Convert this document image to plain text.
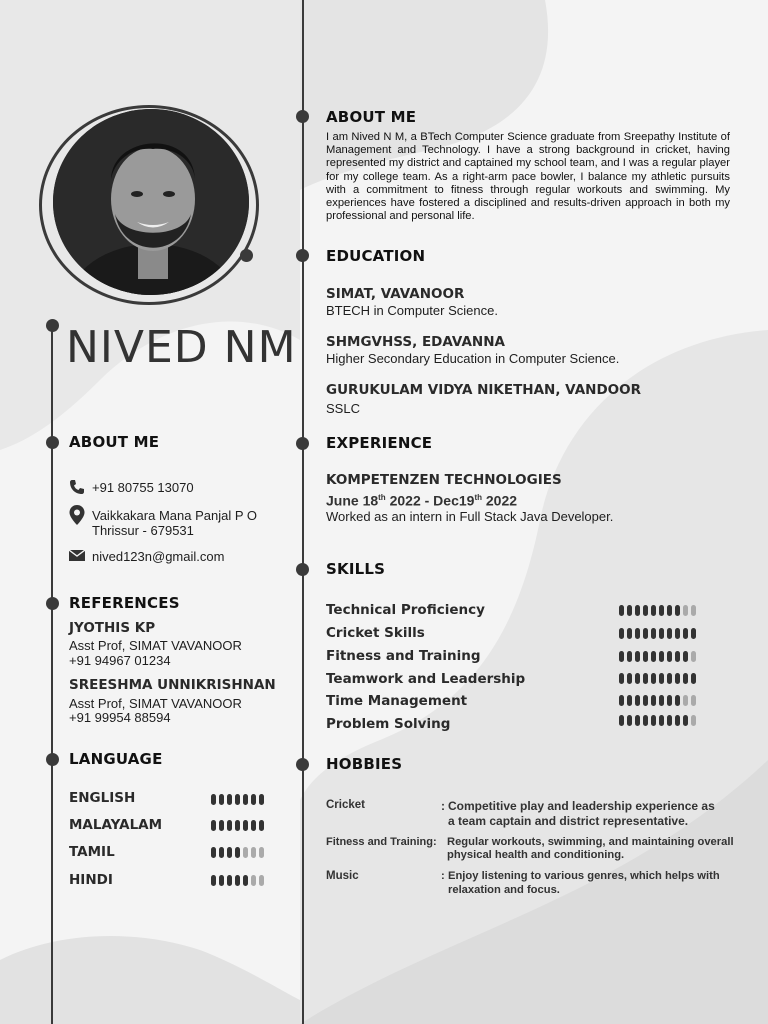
NIVED NM
ABOUT ME
+91 80755 13070
Vaikkakara Mana Panjal P O
Thrissur - 679531
nived123n@gmail.com
REFERENCES
JYOTHIS KP
Asst Prof, SIMAT VAVANOOR
+91 94967 01234
SREESHMA UNNIKRISHNAN
Asst Prof, SIMAT VAVANOOR
+91 99954 88594
LANGUAGE
ENGLISH
MALAYALAM
TAMIL
HINDI
ABOUT ME
I am Nived N M, a BTech Computer Science graduate from Sreepathy Institute of Management and Technology. I have a strong background in cricket, having represented my district and captained my school team, and I was a regular player for my college team. As a right-arm pace bowler, I balance my athletic pursuits with a commitment to fitness through regular workouts and swimming. My experiences have fostered a disciplined and results-driven approach in both my professional and personal life.
EDUCATION
SIMAT, VAVANOOR
BTECH in Computer Science.
SHMGVHSS, EDAVANNA
Higher Secondary Education in Computer Science.
GURUKULAM VIDYA NIKETHAN, VANDOOR
SSLC
EXPERIENCE
KOMPETENZEN TECHNOLOGIES
June 18th 2022 - Dec19th 2022
Worked as an intern in Full Stack Java Developer.
SKILLS
Technical Proficiency
Cricket Skills
Fitness and Training
Teamwork and Leadership
Time Management
Problem Solving
HOBBIES
Cricket	: Competitive play and leadership experience as
a team captain and district representative.
Fitness and Training: Regular workouts, swimming, and maintaining overall
physical health and conditioning.
Music	: Enjoy listening to various genres, which helps with
relaxation and focus.
